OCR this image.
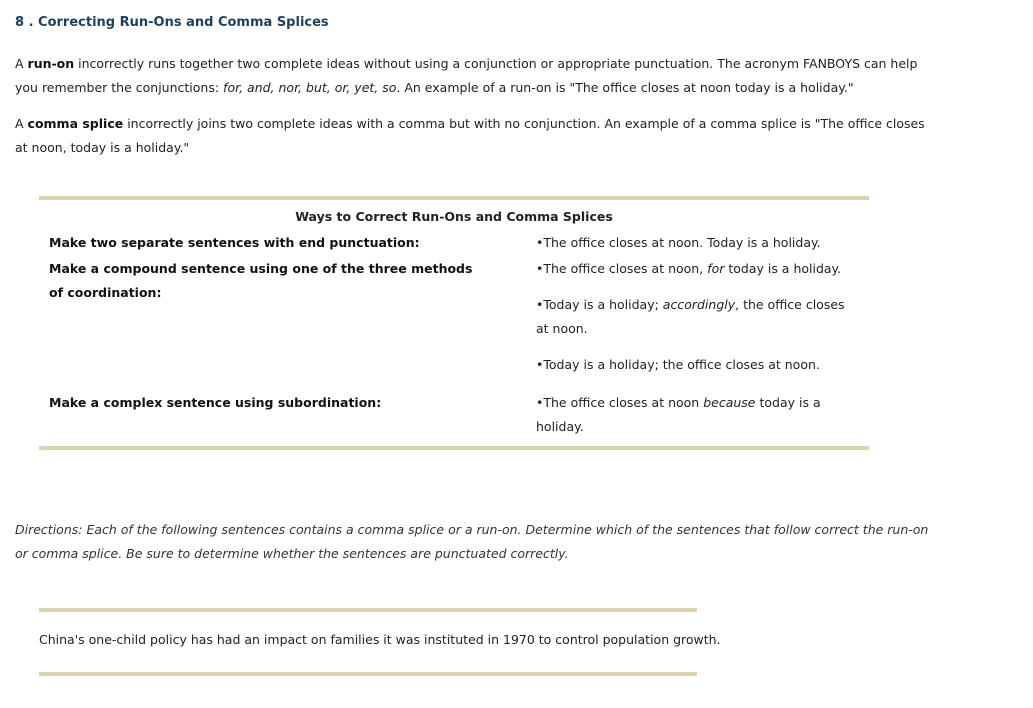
8 . Correcting Run-Ons and Comma Splices

A run-on incorrectly runs together two complete ideas without using a conjunction or appropriate punctuation. The acronym FANBOYS can help you remember the conjunctions: for, and, nor, but, or, yet, so. An example of a run-on is "The office closes at noon today is a holiday."

A comma splice incorrectly joins two complete ideas with a comma but with no conjunction. An example of a comma splice is "The office closes at noon, today is a holiday."

Ways to Correct Run-Ons and Comma Splices
Make two separate sentences with end punctuation:	•The office closes at noon. Today is a holiday.
Make a compound sentence using one of the three methods of coordination:
•The office closes at noon, for today is a holiday.
•Today is a holiday; accordingly, the office closes at noon.
•Today is a holiday; the office closes at noon.
Make a complex sentence using subordination:	•The office closes at noon because today is a holiday.

Directions: Each of the following sentences contains a comma splice or a run-on. Determine which of the sentences that follow correct the run-on or comma splice. Be sure to determine whether the sentences are punctuated correctly.

China's one-child policy has had an impact on families it was instituted in 1970 to control population growth.
